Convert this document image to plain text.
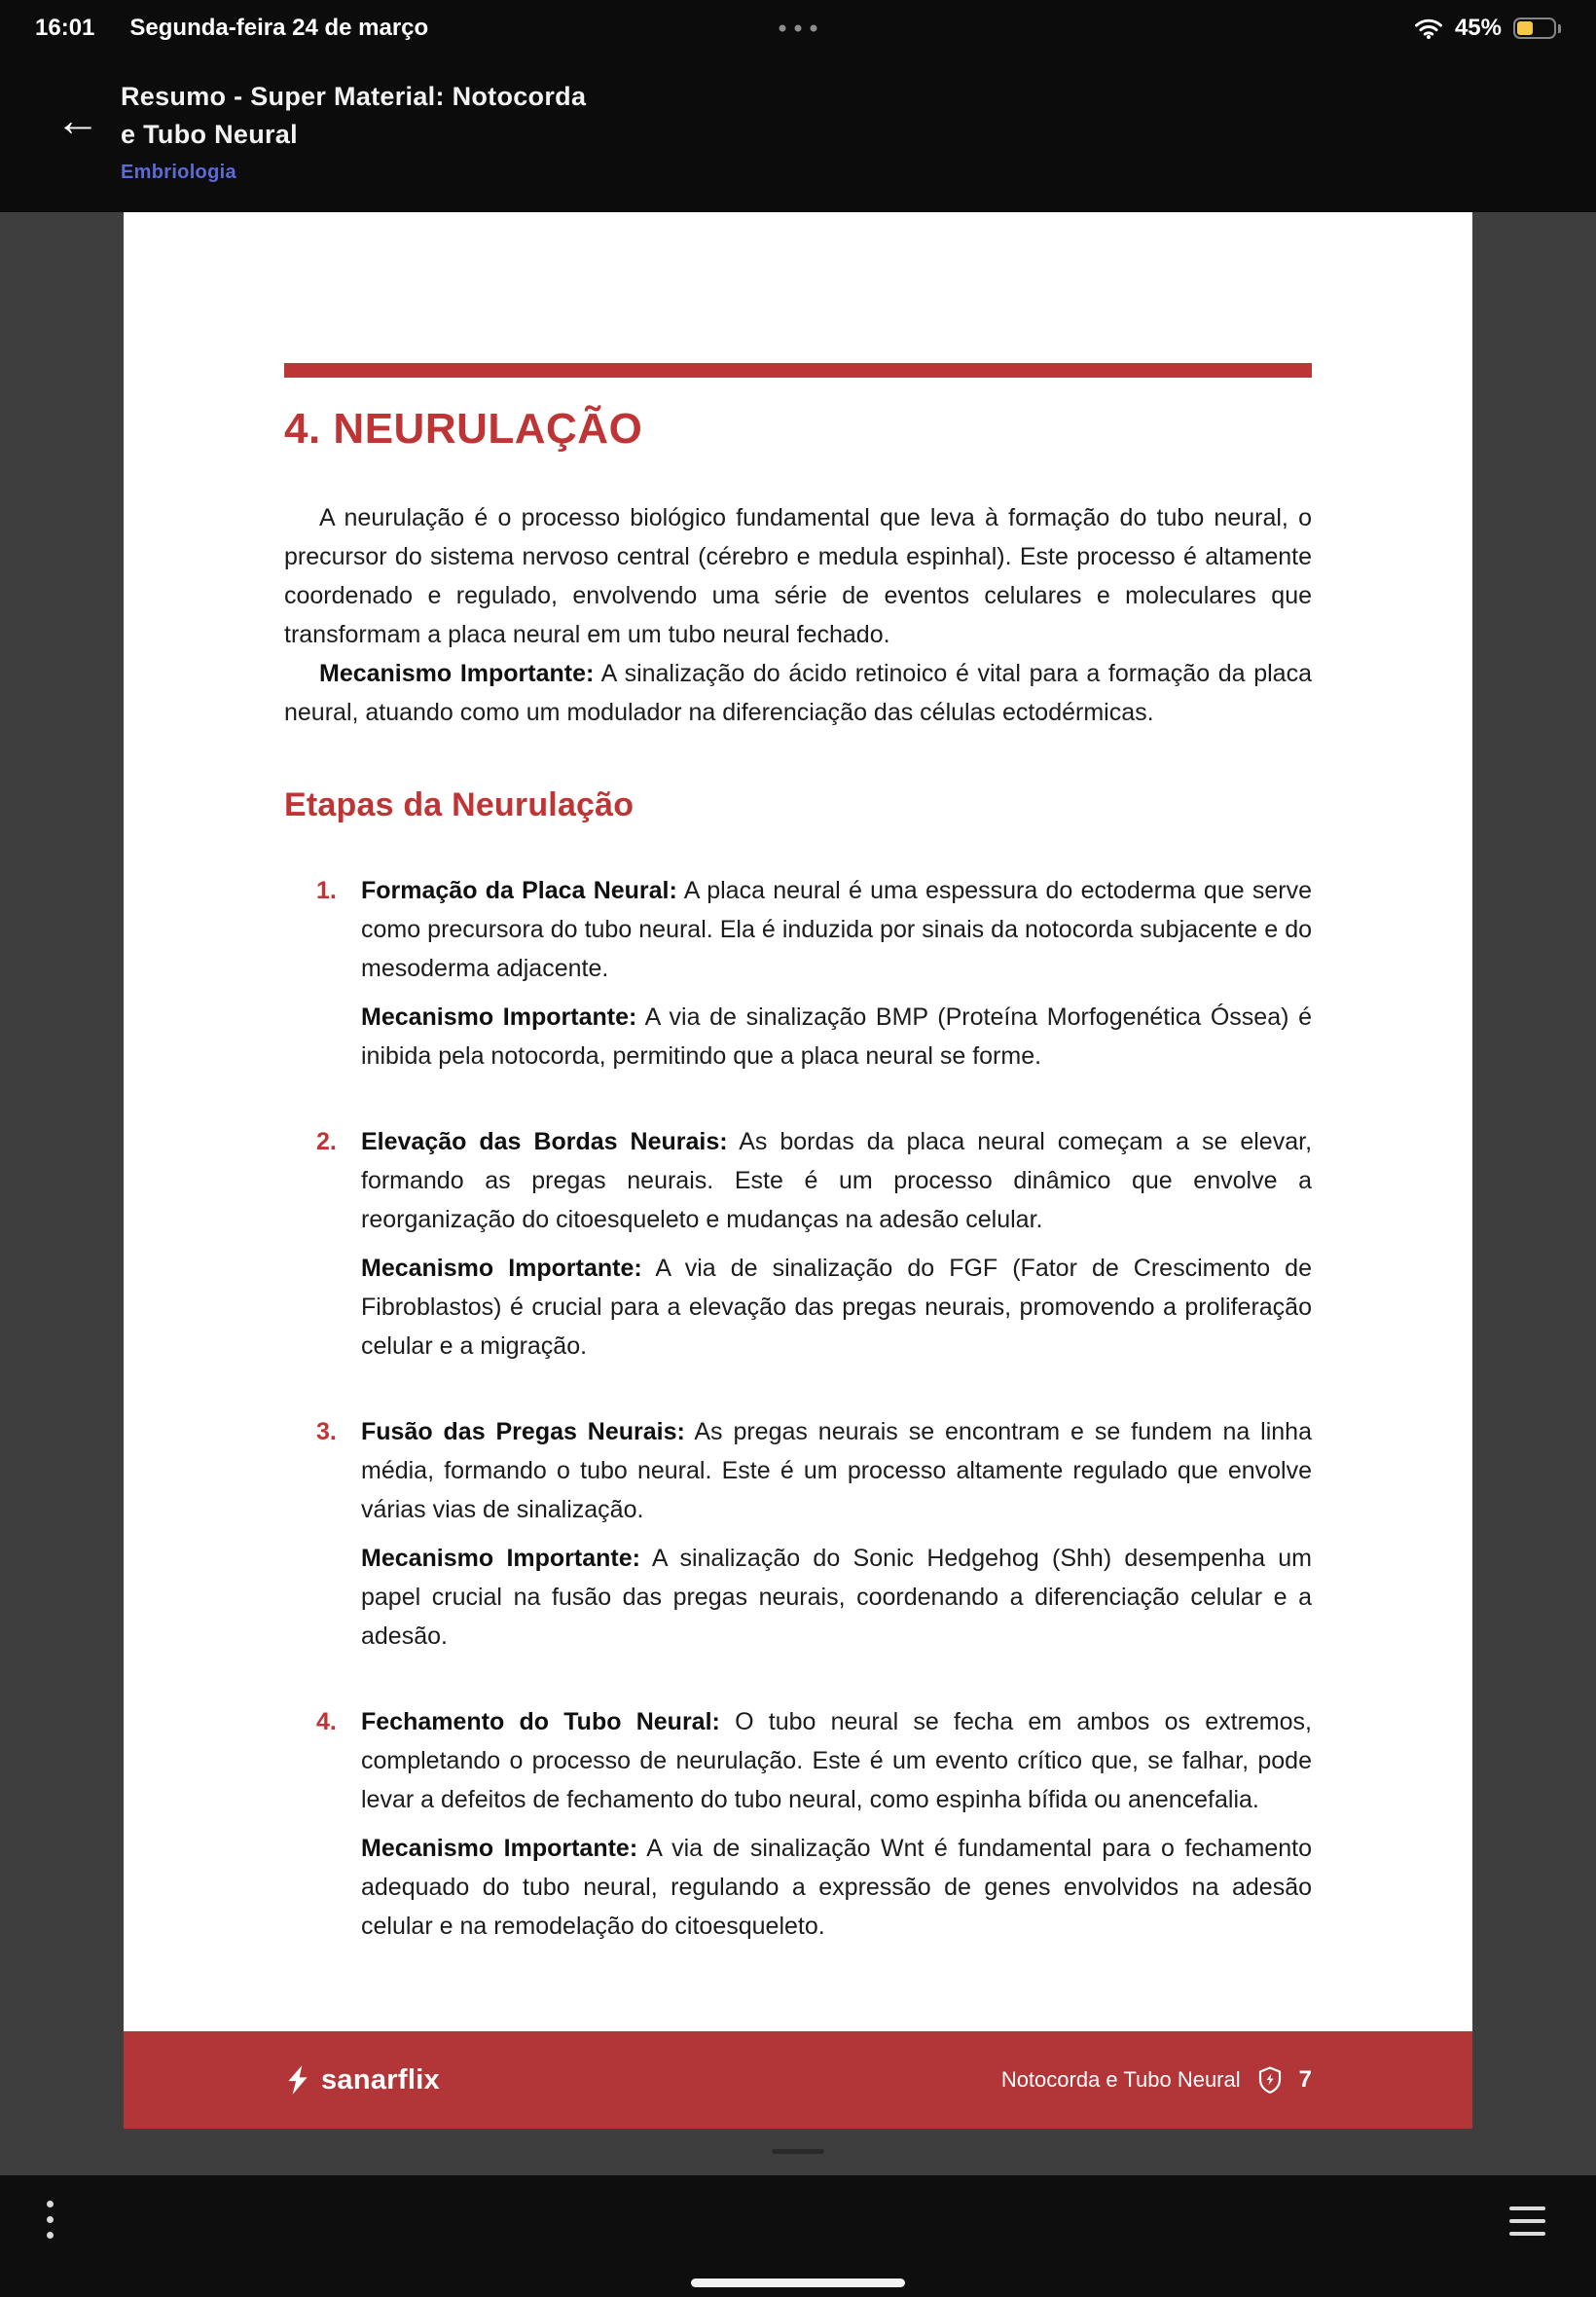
16:01 Segunda-feira 24 de março	45%
← Resumo - Super Material: Notocorda
e Tubo Neural
Embriologia
4. NEURULAÇÃO

A neurulação é o processo biológico fundamental que leva à formação do tubo neural, o precursor do sistema nervoso central (cérebro e medula espinhal). Este processo é altamente coordenado e regulado, envolvendo uma série de eventos celulares e moleculares que transformam a placa neural em um tubo neural fechado.

Mecanismo Importante: A sinalização do ácido retinoico é vital para a formação da placa neural, atuando como um modulador na diferenciação das células ectodérmicas.

Etapas da Neurulação
1.	Formação da Placa Neural: A placa neural é uma espessura do ectoderma que serve como precursora do tubo neural. Ela é induzida por sinais da notocorda subjacente e do mesoderma adjacente.

Mecanismo Importante: A via de sinalização BMP (Proteína Morfogenética Óssea) é inibida pela notocorda, permitindo que a placa neural se forme.

2.	Elevação das Bordas Neurais: As bordas da placa neural começam a se elevar, formando as pregas neurais. Este é um processo dinâmico que envolve a reorganização do citoesqueleto e mudanças na adesão celular.

Mecanismo Importante: A via de sinalização do FGF (Fator de Crescimento de Fibroblastos) é crucial para a elevação das pregas neurais, promovendo a proliferação celular e a migração.

3.	Fusão das Pregas Neurais: As pregas neurais se encontram e se fundem na linha média, formando o tubo neural. Este é um processo altamente regulado que envolve várias vias de sinalização.

Mecanismo Importante: A sinalização do Sonic Hedgehog (Shh) desempenha um papel crucial na fusão das pregas neurais, coordenando a diferenciação celular e a adesão.

4.	Fechamento do Tubo Neural: O tubo neural se fecha em ambos os extremos, completando o processo de neurulação. Este é um evento crítico que, se falhar, pode levar a defeitos de fechamento do tubo neural, como espinha bífida ou anencefalia.

Mecanismo Importante: A via de sinalização Wnt é fundamental para o fechamento adequado do tubo neural, regulando a expressão de genes envolvidos na adesão celular e na remodelação do citoesqueleto.

sanarflix	Notocorda e Tubo Neural	7
